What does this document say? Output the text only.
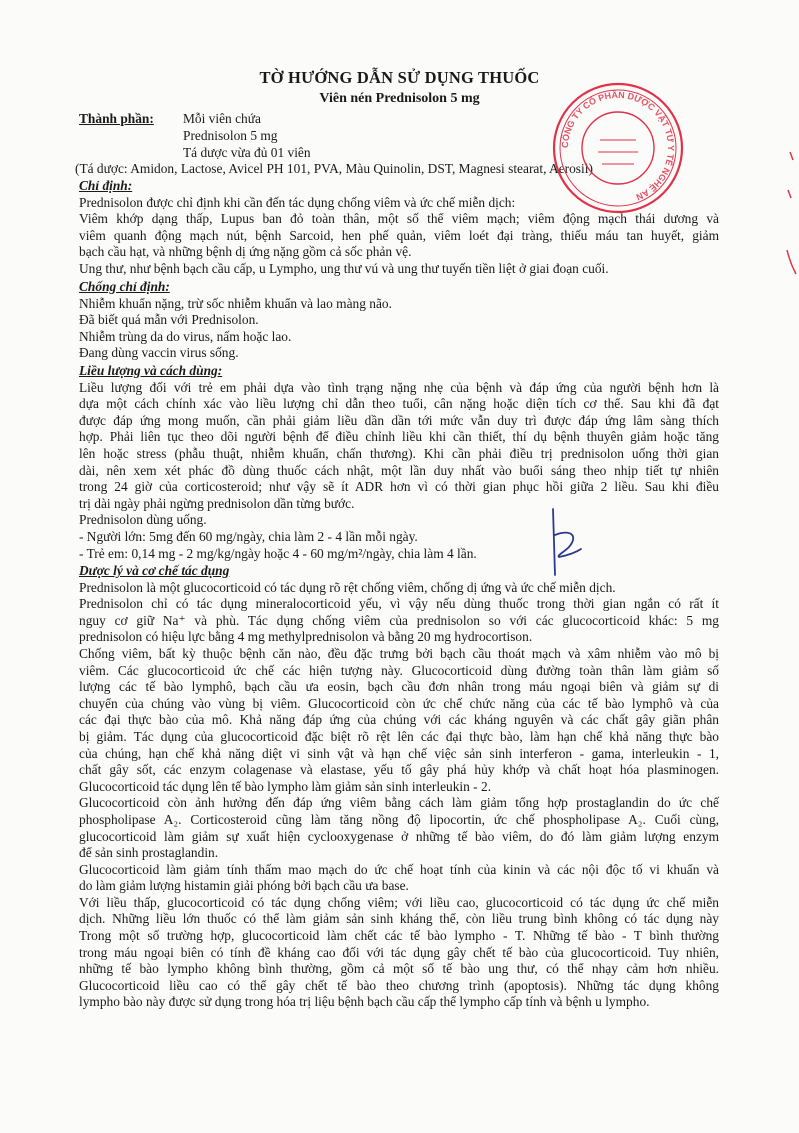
TỜ HƯỚNG DẪN SỬ DỤNG THUỐC
Viên nén Prednisolon 5 mg
Thành phần: Mỗi viên chứa
Prednisolon 5 mg
Tá dược vừa đủ 01 viên
(Tá dược: Amidon, Lactose, Avicel PH 101, PVA, Màu Quinolin, DST, Magnesi stearat, Aerosil)
Chỉ định:
Prednisolon được chỉ định khi cần đến tác dụng chống viêm và ức chế miễn dịch:
Viêm khớp dạng thấp, Lupus ban đỏ toàn thân, một số thể viêm mạch; viêm động mạch thái dương và
viêm quanh động mạch nút, bệnh Sarcoid, hen phế quản, viêm loét đại tràng, thiếu máu tan huyết, giảm
bạch cầu hạt, và những bệnh dị ứng nặng gồm cả sốc phản vệ.
Ung thư, như bệnh bạch cầu cấp, u Lympho, ung thư vú và ung thư tuyến tiền liệt ở giai đoạn cuối.
Chống chỉ định:
Nhiễm khuẩn nặng, trừ sốc nhiễm khuẩn và lao màng não.
Đã biết quá mẫn với Prednisolon.
Nhiễm trùng da do virus, nấm hoặc lao.
Đang dùng vaccin virus sống.
Liều lượng và cách dùng:
Liều lượng đối với trẻ em phải dựa vào tình trạng nặng nhẹ của bệnh và đáp ứng của người bệnh hơn là
dựa một cách chính xác vào liều lượng chỉ dẫn theo tuổi, cân nặng hoặc diện tích cơ thể. Sau khi đã đạt
được đáp ứng mong muốn, cần phải giảm liều dần dần tới mức vẫn duy trì được đáp ứng lâm sàng thích
hợp. Phải liên tục theo dõi người bệnh để điều chỉnh liều khi cần thiết, thí dụ bệnh thuyên giảm hoặc tăng
lên hoặc stress (phẫu thuật, nhiễm khuẩn, chấn thương). Khi cần phải điều trị prednisolon uống thời gian
dài, nên xem xét phác đồ dùng thuốc cách nhật, một lần duy nhất vào buổi sáng theo nhịp tiết tự nhiên
trong 24 giờ của corticosteroid; như vậy sẽ ít ADR hơn vì có thời gian phục hồi giữa 2 liều. Sau khi điều
trị dài ngày phải ngừng prednisolon dần từng bước.
Prednisolon dùng uống.
- Người lớn: 5mg đến 60 mg/ngày, chia làm 2 - 4 lần mỗi ngày.
- Trẻ em: 0,14 mg - 2 mg/kg/ngày hoặc 4 - 60 mg/m²/ngày, chia làm 4 lần.
Dược lý và cơ chế tác dụng
Prednisolon là một glucocorticoid có tác dụng rõ rệt chống viêm, chống dị ứng và ức chế miễn dịch.
Prednisolon chỉ có tác dụng mineralocorticoid yếu, vì vậy nếu dùng thuốc trong thời gian ngắn có rất ít
nguy cơ giữ Na⁺ và phù. Tác dụng chống viêm của prednisolon so với các glucocorticoid khác: 5 mg
prednisolon có hiệu lực bằng 4 mg methylprednisolon và bằng 20 mg hydrocortison.
Chống viêm, bất kỳ thuộc bệnh căn nào, đều đặc trưng bởi bạch cầu thoát mạch và xâm nhiễm vào mô bị
viêm. Các glucocorticoid ức chế các hiện tượng này. Glucocorticoid dùng đường toàn thân làm giảm số
lượng các tế bào lymphô, bạch cầu ưa eosin, bạch cầu đơn nhân trong máu ngoại biên và giảm sự di
chuyển của chúng vào vùng bị viêm. Glucocorticoid còn ức chế chức năng của các tế bào lymphô và của
các đại thực bào của mô. Khả năng đáp ứng của chúng với các kháng nguyên và các chất gây giãn phân
bị giảm. Tác dụng của glucocorticoid đặc biệt rõ rệt lên các đại thực bào, làm hạn chế khả năng thực bào
của chúng, hạn chế khả năng diệt vi sinh vật và hạn chế việc sản sinh interferon - gama, interleukin - 1,
chất gây sốt, các enzym colagenase và elastase, yếu tố gây phá hủy khớp và chất hoạt hóa plasminogen.
Glucocorticoid tác dụng lên tế bào lympho làm giảm sản sinh interleukin - 2.
Glucocorticoid còn ảnh hưởng đến đáp ứng viêm bằng cách làm giảm tổng hợp prostaglandin do ức chế
phospholipase A₂. Corticosteroid cũng làm tăng nồng độ lipocortin, ức chế phospholipase A₂. Cuối cùng,
glucocorticoid làm giảm sự xuất hiện cyclooxygenase ở những tế bào viêm, do đó làm giảm lượng enzym
để sản sinh prostaglandin.
Glucocorticoid làm giảm tính thấm mao mạch do ức chế hoạt tính của kinin và các nội độc tố vi khuẩn và
do làm giảm lượng histamin giải phóng bởi bạch cầu ưa base.
Với liều thấp, glucocorticoid có tác dụng chống viêm; với liều cao, glucocorticoid có tác dụng ức chế miễn
dịch. Những liều lớn thuốc có thể làm giảm sản sinh kháng thể, còn liều trung bình không có tác dụng này
Trong một số trường hợp, glucocorticoid làm chết các tế bào lympho - T. Những tế bào - T bình thường
trong máu ngoại biên có tính đề kháng cao đối với tác dụng gây chết tế bào của glucocorticoid. Tuy nhiên,
những tế bào lympho không bình thường, gồm cả một số tế bào ung thư, có thể nhạy cảm hơn nhiều.
Glucocorticoid liều cao có thể gây chết tế bào theo chương trình (apoptosis). Những tác dụng không
lympho bào này được sử dụng trong hóa trị liệu bệnh bạch cầu cấp thể lympho cấp tính và bệnh u lympho.
CÔNG TY CỔ PHẦN DƯỢC VẬT TƯ Y TẾ NGHỆ AN
